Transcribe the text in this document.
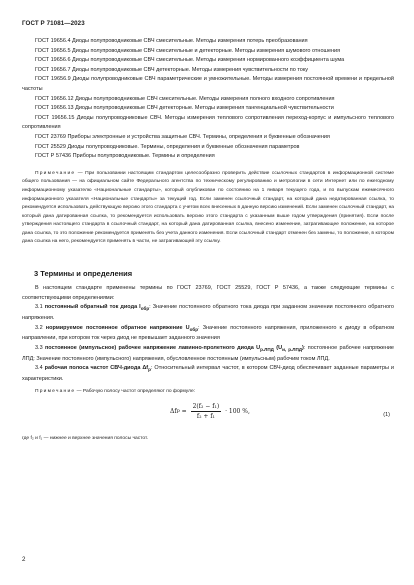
ГОСТ Р 71081—2023

ГОСТ 19656.4 Диоды полупроводниковые СВЧ смесительные. Методы измерения потерь преобразования

ГОСТ 19656.5 Диоды полупроводниковые СВЧ смесительные и детекторные. Методы измерения шумового отношения

ГОСТ 19656.6 Диоды полупроводниковые СВЧ смесительные. Методы измерения нормированного коэффициента шума

ГОСТ 19656.7 Диоды полупроводниковые СВЧ детекторные. Методы измерения чувствительности по току

ГОСТ 19656.9 Диоды полупроводниковые СВЧ параметрические и умножительные. Методы измерения постоянной времени и предельной частоты

ГОСТ 19656.12 Диоды полупроводниковые СВЧ смесительные. Методы измерения полного входного сопротивления

ГОСТ 19656.13 Диоды полупроводниковые СВЧ детекторные. Методы измерения тангенциальной чувствительности

ГОСТ 19656.15 Диоды полупроводниковые СВЧ. Методы измерения теплового сопротивления переход-корпус и импульсного теплового сопротивления

ГОСТ 23769 Приборы электронные и устройства защитные СВЧ. Термины, определения и буквенные обозначения

ГОСТ 25529 Диоды полупроводниковые. Термины, определения и буквенные обозначения параметров

ГОСТ Р 57436 Приборы полупроводниковые. Термины и определения

Примечание — При пользовании настоящим стандартом целесообразно проверить действие ссылочных стандартов в информационной системе общего пользования — на официальном сайте Федерального агентства по техническому регулированию и метрологии в сети Интернет или по ежегодному информационному указателю «Национальные стандарты», который опубликован по состоянию на 1 января текущего года, и по выпускам ежемесячного информационного указателя «Национальные стандарты» за текущий год. Если заменен ссылочный стандарт, на который дана недатированная ссылка, то рекомендуется использовать действующую версию этого стандарта с учетом всех внесенных в данную версию изменений. Если заменен ссылочный стандарт, на который дана датированная ссылка, то рекомендуется использовать версию этого стандарта с указанным выше годом утверждения (принятия). Если после утверждения настоящего стандарта в ссылочный стандарт, на который дана датированная ссылка, внесено изменение, затрагивающее положение, на которое дана ссылка, то это положение рекомендуется применять без учета данного изменения. Если ссылочный стандарт отменен без замены, то положение, в котором дана ссылка на него, рекомендуется применять в части, не затрагивающей эту ссылку.

3 Термины и определения

В настоящем стандарте применены термины по ГОСТ 23769, ГОСТ 25529, ГОСТ Р 57436, а также следующие термины с соответствующими определениями:

3.1 постоянный обратный ток диода $I_{обр}$: Значение постоянного обратного тока диода при заданном значении постоянного обратного напряжения.

3.2 нормируемое постоянное обратное напряжение $U_{обр}$: Значение постоянного напряжения, приложенного к диоду в обратном направлении, при котором ток через диод не превышает заданного значения

3.3 постоянное (импульсное) рабочее напряжение лавинно-пролетного диода $U_{р.ЛПД}$ $(U_{и, р.ЛПД})$: постоянное рабочее напряжение ЛПД: Значение постоянного (импульсного) напряжения, обусловленное постоянным (импульсным) рабочим током ЛПД.

3.4 рабочая полоса частот СВЧ-диода $\Delta f_р$: Относительный интервал частот, в котором СВЧ-диод обеспечивает заданные параметры и характеристики.

Примечание — Рабочую полосу частот определяют по формуле:

Δf $р = \frac{\text{2(f₂ − f₁)}}{\text{f₂ + f₁}} \cdot 100$ %,	(1)

где f₂ и f₁ — нижнее и верхнее значения полосы частот.

2
